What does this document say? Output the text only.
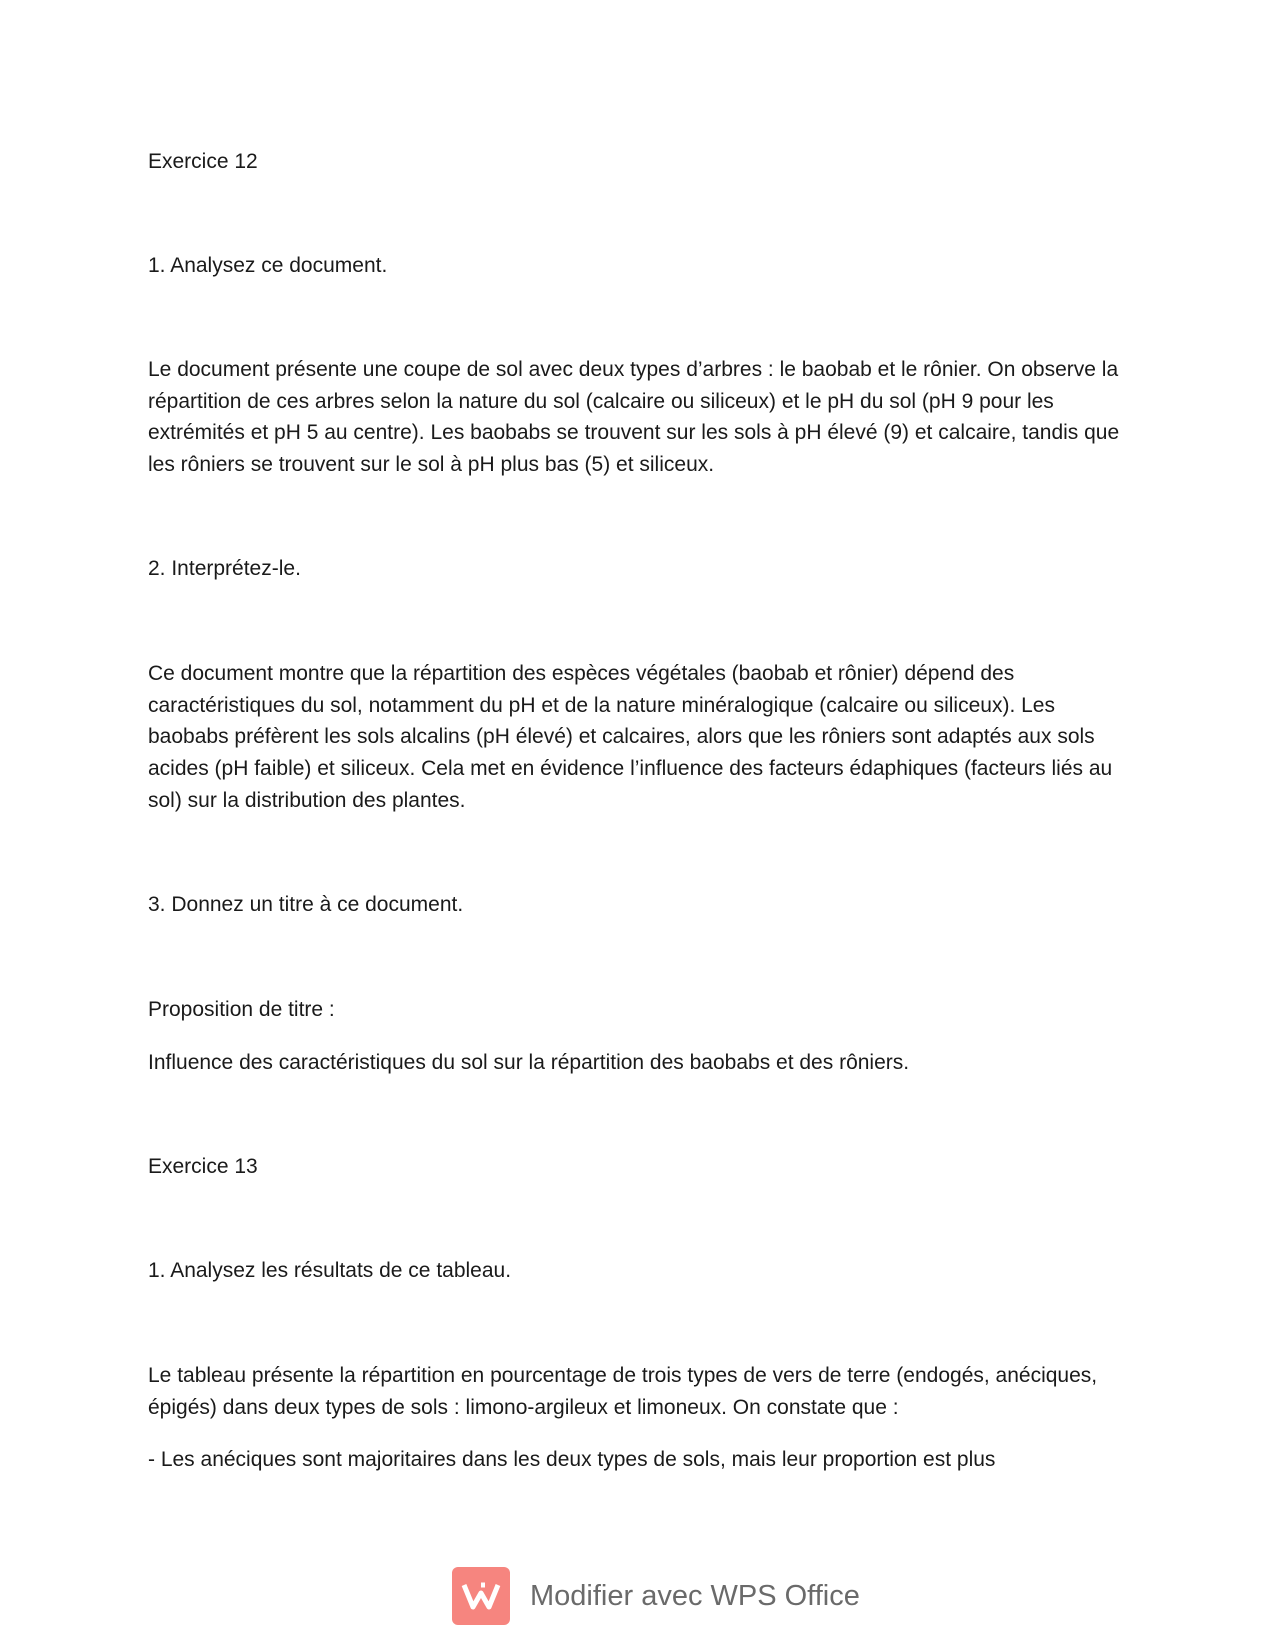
Exercice 12

1. Analysez ce document.

Le document présente une coupe de sol avec deux types d’arbres : le baobab et le rônier. On observe la répartition de ces arbres selon la nature du sol (calcaire ou siliceux) et le pH du sol (pH 9 pour les extrémités et pH 5 au centre). Les baobabs se trouvent sur les sols à pH élevé (9) et calcaire, tandis que les rôniers se trouvent sur le sol à pH plus bas (5) et siliceux.

2. Interprétez-le.

Ce document montre que la répartition des espèces végétales (baobab et rônier) dépend des caractéristiques du sol, notamment du pH et de la nature minéralogique (calcaire ou siliceux). Les baobabs préfèrent les sols alcalins (pH élevé) et calcaires, alors que les rôniers sont adaptés aux sols acides (pH faible) et siliceux. Cela met en évidence l’influence des facteurs édaphiques (facteurs liés au sol) sur la distribution des plantes.

3. Donnez un titre à ce document.

Proposition de titre :

Influence des caractéristiques du sol sur la répartition des baobabs et des rôniers.

Exercice 13

1. Analysez les résultats de ce tableau.

Le tableau présente la répartition en pourcentage de trois types de vers de terre (endogés, anéciques, épigés) dans deux types de sols : limono-argileux et limoneux. On constate que :

- Les anéciques sont majoritaires dans les deux types de sols, mais leur proportion est plus

Modifier avec WPS Office
